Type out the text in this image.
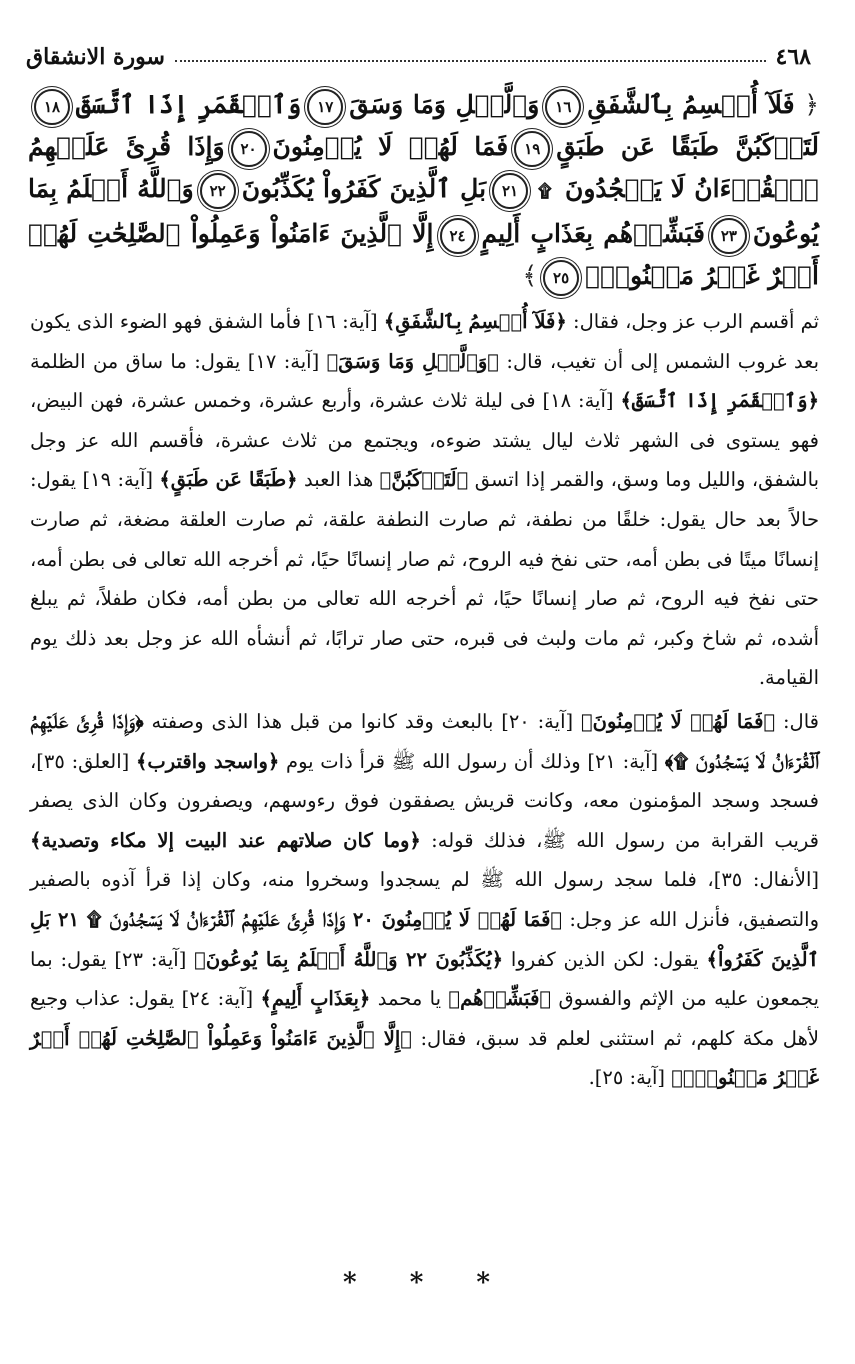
٤٦٨
سورة الانشقاق
﴿ فَلَآ أُقۡسِمُ بِٱلشَّفَقِ١٦وَٱلَّيۡلِ وَمَا وَسَقَ١٧وَٱلۡقَمَرِ إِذَا ٱتَّسَقَ١٨لَتَرۡكَبُنَّ طَبَقًا عَن طَبَقٍ١٩فَمَا لَهُمۡ لَا يُؤۡمِنُونَ٢٠وَإِذَا قُرِئَ عَلَيۡهِمُ ٱلۡقُرۡءَانُ لَا يَسۡجُدُونَ ۩٢١بَلِ ٱلَّذِينَ كَفَرُواْ يُكَذِّبُونَ٢٢وَٱللَّهُ أَعۡلَمُ بِمَا يُوعُونَ٢٣فَبَشِّرۡهُم بِعَذَابٍ أَلِيمٍ٢٤إِلَّا ٱلَّذِينَ ءَامَنُواْ وَعَمِلُواْ ٱلصَّٰلِحَٰتِ لَهُمۡ أَجۡرٌ غَيۡرُ مَمۡنُونِۭ٢٥﴾

ثم أقسم الرب عز وجل، فقال: ﴿فَلَآ أُقۡسِمُ بِٱلشَّفَقِ﴾ [آية: ١٦] فأما الشفق فهو الضوء الذى يكون بعد غروب الشمس إلى أن تغيب، قال: ﴿وَٱلَّيۡلِ وَمَا وَسَقَ﴾ [آية: ١٧] يقول: ما ساق من الظلمة ﴿وَٱلۡقَمَرِ إِذَا ٱتَّسَقَ﴾ [آية: ١٨] فى ليلة ثلاث عشرة، وأربع عشرة، وخمس عشرة، فهن البيض، فهو يستوى فى الشهر ثلاث ليال يشتد ضوءه، ويجتمع من ثلاث عشرة، فأقسم الله عز وجل بالشفق، والليل وما وسق، والقمر إذا اتسق ﴿لَتَرۡكَبُنَّ﴾ هذا العبد ﴿طَبَقًا عَن طَبَقٍ﴾ [آية: ١٩] يقول: حالاً بعد حال يقول: خلقًا من نطفة، ثم صارت النطفة علقة، ثم صارت العلقة مضغة، ثم صارت إنسانًا ميتًا فى بطن أمه، حتى نفخ فيه الروح، ثم صار إنسانًا حيًا، ثم أخرجه الله تعالى فى بطن أمه، حتى نفخ فيه الروح، ثم صار إنسانًا حيًا، ثم أخرجه الله تعالى من بطن أمه، فكان طفلاً، ثم يبلغ أشده، ثم شاخ وكبر، ثم مات ولبث فى قبره، حتى صار ترابًا، ثم أنشأه الله عز وجل بعد ذلك يوم القيامة.

قال: ﴿فَمَا لَهُمۡ لَا يُؤۡمِنُونَ﴾ [آية: ٢٠] بالبعث وقد كانوا من قبل هذا الذى وصفته ﴿وَإِذَا قُرِئَ عَلَيۡهِمُ ٱلۡقُرۡءَانُ لَا يَسۡجُدُونَ ۩﴾ [آية: ٢١] وذلك أن رسول الله ﷺ قرأ ذات يوم ﴿واسجد واقترب﴾ [العلق: ٣٥]، فسجد وسجد المؤمنون معه، وكانت قريش يصفقون فوق رءوسهم، ويصفرون وكان الذى يصفر قريب القرابة من رسول الله ﷺ، فذلك قوله: ﴿وما كان صلاتهم عند البيت إلا مكاء وتصدية﴾ [الأنفال: ٣٥]، فلما سجد رسول الله ﷺ لم يسجدوا وسخروا منه، وكان إذا قرأ آذوه بالصفير والتصفيق، فأنزل الله عز وجل: ﴿فَمَا لَهُمۡ لَا يُؤۡمِنُونَ ٢٠ وَإِذَا قُرِئَ عَلَيۡهِمُ ٱلۡقُرۡءَانُ لَا يَسۡجُدُونَ ۩ ٢١ بَلِ ٱلَّذِينَ كَفَرُواْ﴾ يقول: لكن الذين كفروا ﴿يُكَذِّبُونَ ٢٢ وَٱللَّهُ أَعۡلَمُ بِمَا يُوعُونَ﴾ [آية: ٢٣] يقول: بما يجمعون عليه من الإثم والفسوق ﴿فَبَشِّرۡهُم﴾ يا محمد ﴿بِعَذَابٍ أَلِيمٍ﴾ [آية: ٢٤] يقول: عذاب وجيع لأهل مكة كلهم، ثم استثنى لعلم قد سبق، فقال: ﴿إِلَّا ٱلَّذِينَ ءَامَنُواْ وَعَمِلُواْ ٱلصَّٰلِحَٰتِ لَهُمۡ أَجۡرٌ غَيۡرُ مَمۡنُونِۭ﴾ [آية: ٢٥].

* * *
